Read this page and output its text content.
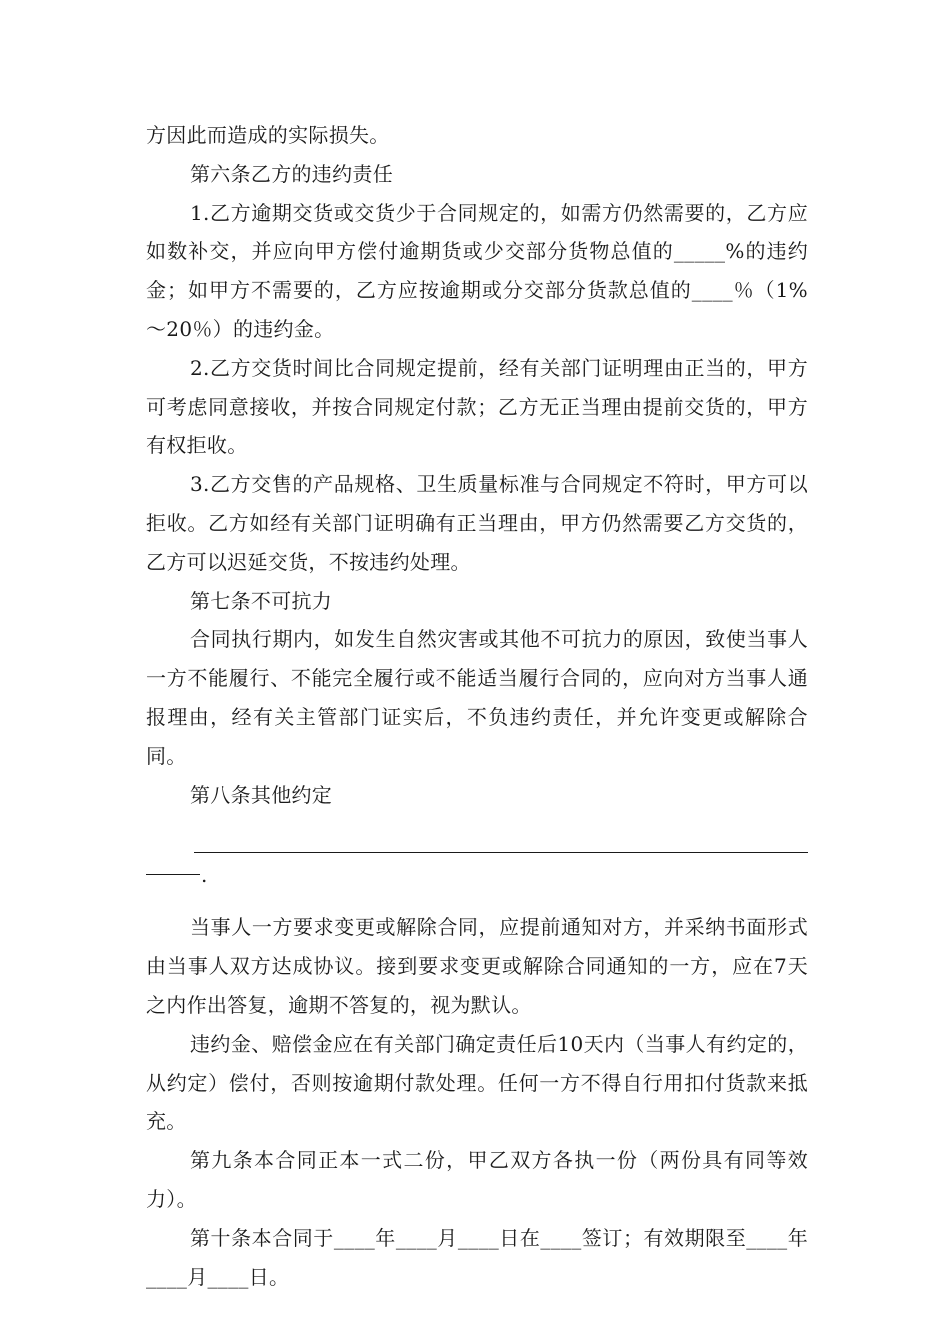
方因此而造成的实际损失。

第六条乙方的违约责任

1.乙方逾期交货或交货少于合同规定的，如需方仍然需要的，乙方应如数补交，并应向甲方偿付逾期货或少交部分货物总值的_____%的违约金；如甲方不需要的，乙方应按逾期或分交部分货款总值的____％（1%～20％）的违约金。

2.乙方交货时间比合同规定提前，经有关部门证明理由正当的，甲方可考虑同意接收，并按合同规定付款；乙方无正当理由提前交货的，甲方有权拒收。

3.乙方交售的产品规格、卫生质量标准与合同规定不符时，甲方可以拒收。乙方如经有关部门证明确有正当理由，甲方仍然需要乙方交货的，乙方可以迟延交货，不按违约处理。

第七条不可抗力

合同执行期内，如发生自然灾害或其他不可抗力的原因，致使当事人一方不能履行、不能完全履行或不能适当履行合同的，应向对方当事人通报理由，经有关主管部门证实后，不负违约责任，并允许变更或解除合同。

第八条其他约定

.

当事人一方要求变更或解除合同，应提前通知对方，并采纳书面形式由当事人双方达成协议。接到要求变更或解除合同通知的一方，应在7天之内作出答复，逾期不答复的，视为默认。

违约金、赔偿金应在有关部门确定责任后10天内（当事人有约定的，从约定）偿付，否则按逾期付款处理。任何一方不得自行用扣付货款来抵充。

第九条本合同正本一式二份，甲乙双方各执一份（两份具有同等效力）。

第十条本合同于____年____月____日在____签订；有效期限至____年____月____日。
